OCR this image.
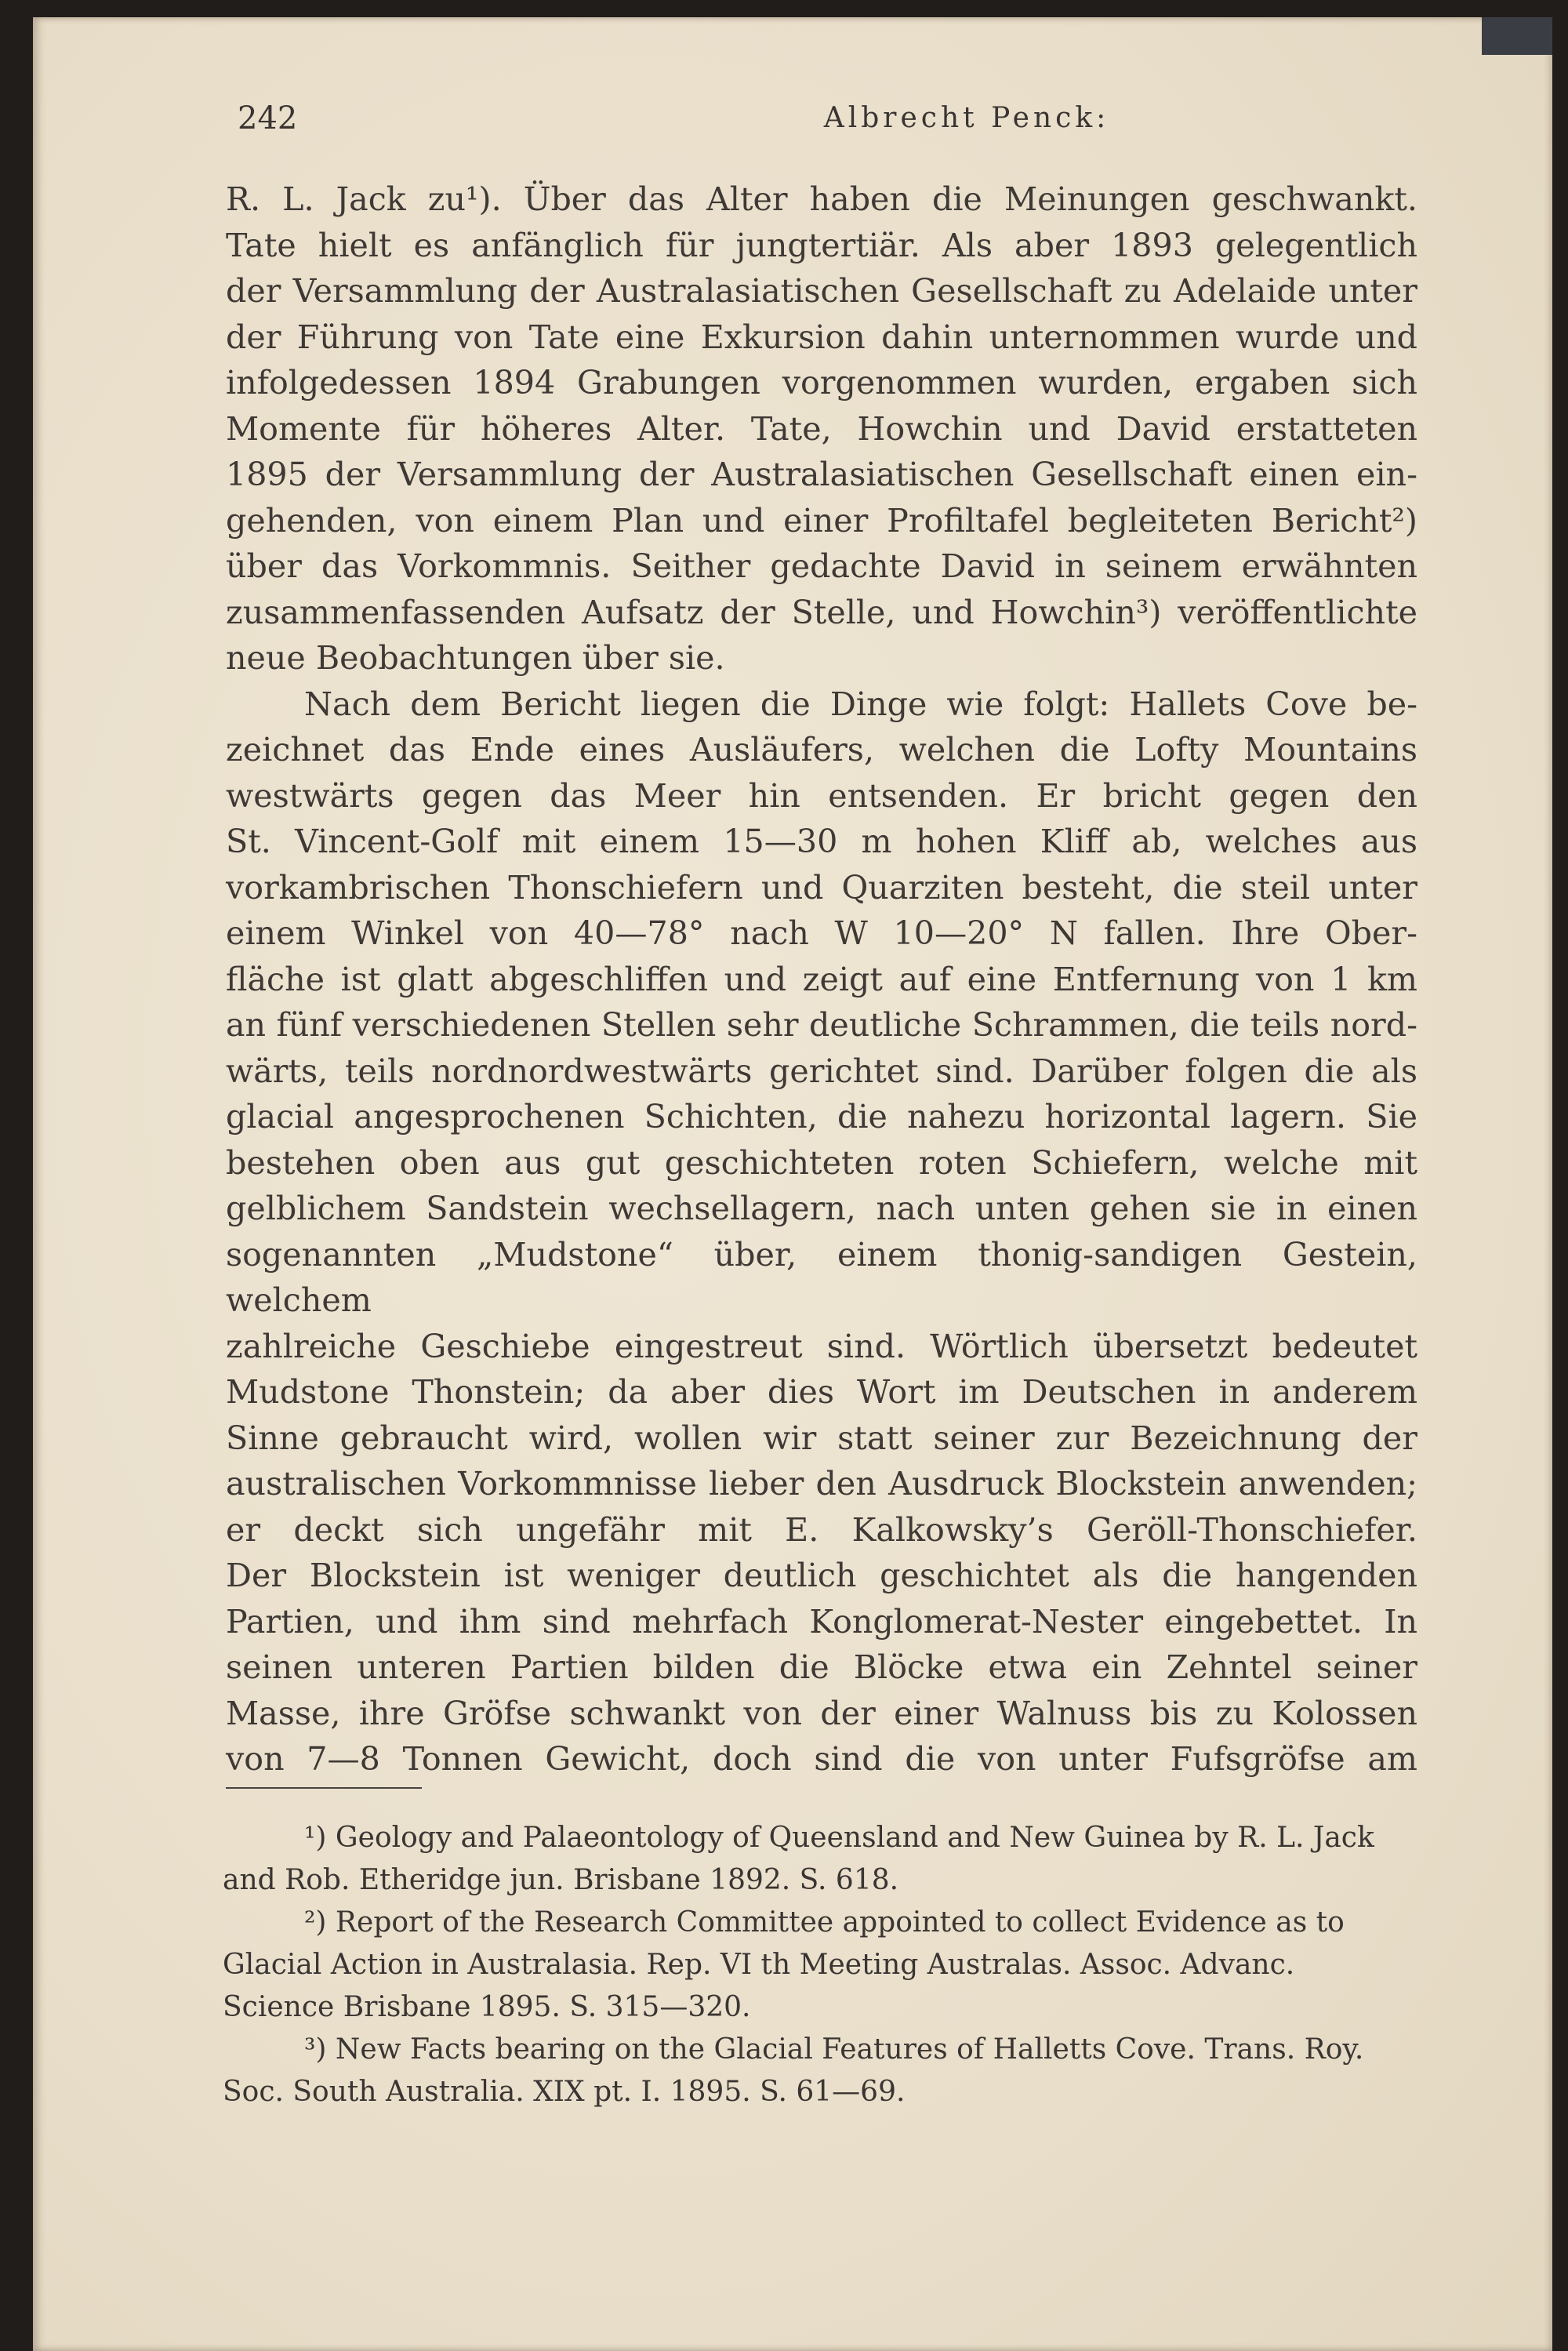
242	Albrecht Penck:

R. L. Jack zu¹). Über das Alter haben die Meinungen geschwankt.

Tate hielt es anfänglich für jungtertiär. Als aber 1893 gelegentlich

der Versammlung der Australasiatischen Gesellschaft zu Adelaide unter

der Führung von Tate eine Exkursion dahin unternommen wurde und

infolgedessen 1894 Grabungen vorgenommen wurden, ergaben sich

Momente für höheres Alter. Tate, Howchin und David erstatteten

1895 der Versammlung der Australasiatischen Gesellschaft einen ein-

gehenden, von einem Plan und einer Profiltafel begleiteten Bericht²)

über das Vorkommnis. Seither gedachte David in seinem erwähnten

zusammenfassenden Aufsatz der Stelle, und Howchin³) veröffentlichte

neue Beobachtungen über sie.

Nach dem Bericht liegen die Dinge wie folgt: Hallets Cove be-

zeichnet das Ende eines Ausläufers, welchen die Lofty Mountains

westwärts gegen das Meer hin entsenden. Er bricht gegen den

St. Vincent-Golf mit einem 15—30 m hohen Kliff ab, welches aus

vorkambrischen Thonschiefern und Quarziten besteht, die steil unter

einem Winkel von 40—78° nach W 10—20° N fallen. Ihre Ober-

fläche ist glatt abgeschliffen und zeigt auf eine Entfernung von 1 km

an fünf verschiedenen Stellen sehr deutliche Schrammen, die teils nord-

wärts, teils nordnordwestwärts gerichtet sind. Darüber folgen die als

glacial angesprochenen Schichten, die nahezu horizontal lagern. Sie

bestehen oben aus gut geschichteten roten Schiefern, welche mit

gelblichem Sandstein wechsellagern, nach unten gehen sie in einen

sogenannten „Mudstone“ über, einem thonig-sandigen Gestein, welchem

zahlreiche Geschiebe eingestreut sind. Wörtlich übersetzt bedeutet

Mudstone Thonstein; da aber dies Wort im Deutschen in anderem

Sinne gebraucht wird, wollen wir statt seiner zur Bezeichnung der

australischen Vorkommnisse lieber den Ausdruck Blockstein anwenden;

er deckt sich ungefähr mit E. Kalkowsky’s Geröll-Thonschiefer.

Der Blockstein ist weniger deutlich geschichtet als die hangenden

Partien, und ihm sind mehrfach Konglomerat-Nester eingebettet. In

seinen unteren Partien bilden die Blöcke etwa ein Zehntel seiner

Masse, ihre Gröfse schwankt von der einer Walnuss bis zu Kolossen

von 7—8 Tonnen Gewicht, doch sind die von unter Fufsgröfse am

¹) Geology and Palaeontology of Queensland and New Guinea by R. L. Jack

and Rob. Etheridge jun. Brisbane 1892. S. 618.

²) Report of the Research Committee appointed to collect Evidence as to

Glacial Action in Australasia. Rep. VI th Meeting Australas. Assoc. Advanc.

Science Brisbane 1895. S. 315—320.

³) New Facts bearing on the Glacial Features of Halletts Cove. Trans. Roy.

Soc. South Australia. XIX pt. I. 1895. S. 61—69.
